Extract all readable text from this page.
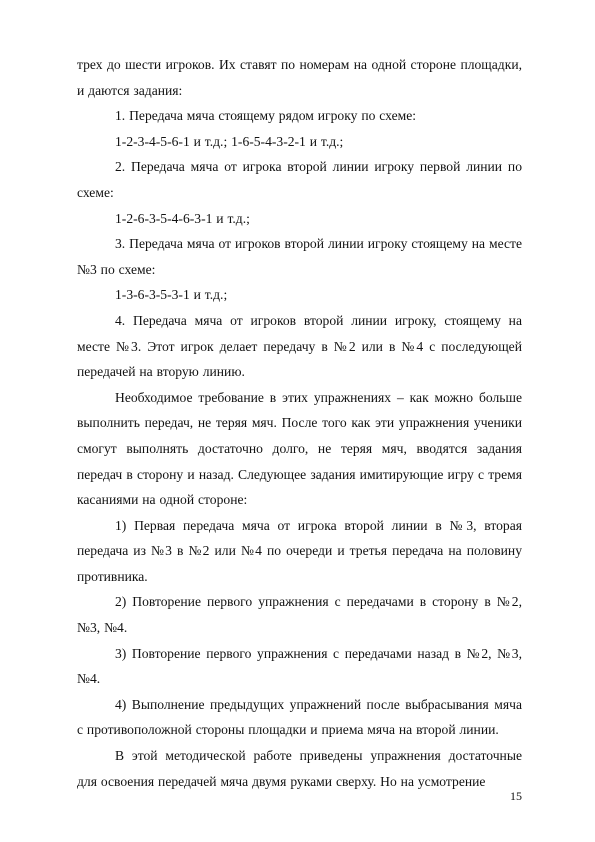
трех до шести игроков. Их ставят по номерам на одной стороне площадки, и даются задания:

1. Передача мяча стоящему рядом игроку по схеме:

1-2-3-4-5-6-1 и т.д.; 1-6-5-4-3-2-1 и т.д.;

2. Передача мяча от игрока второй линии игроку первой линии по схеме:

1-2-6-3-5-4-6-3-1 и т.д.;

3. Передача мяча от игроков второй линии игроку стоящему на месте №3 по схеме:

1-3-6-3-5-3-1 и т.д.;

4. Передача мяча от игроков второй линии игроку, стоящему на месте №3. Этот игрок делает передачу в №2 или в №4 с последующей передачей на вторую линию.

Необходимое требование в этих упражнениях – как можно больше выполнить передач, не теряя мяч. После того как эти упражнения ученики смогут выполнять достаточно долго, не теряя мяч, вводятся задания передач в сторону и назад. Следующее задания имитирующие игру с тремя касаниями на одной стороне:

1) Первая передача мяча от игрока второй линии в №3, вторая передача из №3 в №2 или №4 по очереди и третья передача на половину противника.

2) Повторение первого упражнения с передачами в сторону в №2, №3, №4.

3) Повторение первого упражнения с передачами назад в №2, №3, №4.

4) Выполнение предыдущих упражнений после выбрасывания мяча с противоположной стороны площадки и приема мяча на второй линии.

В этой методической работе приведены упражнения достаточные для освоения передачей мяча двумя руками сверху. Но на усмотрение

15
